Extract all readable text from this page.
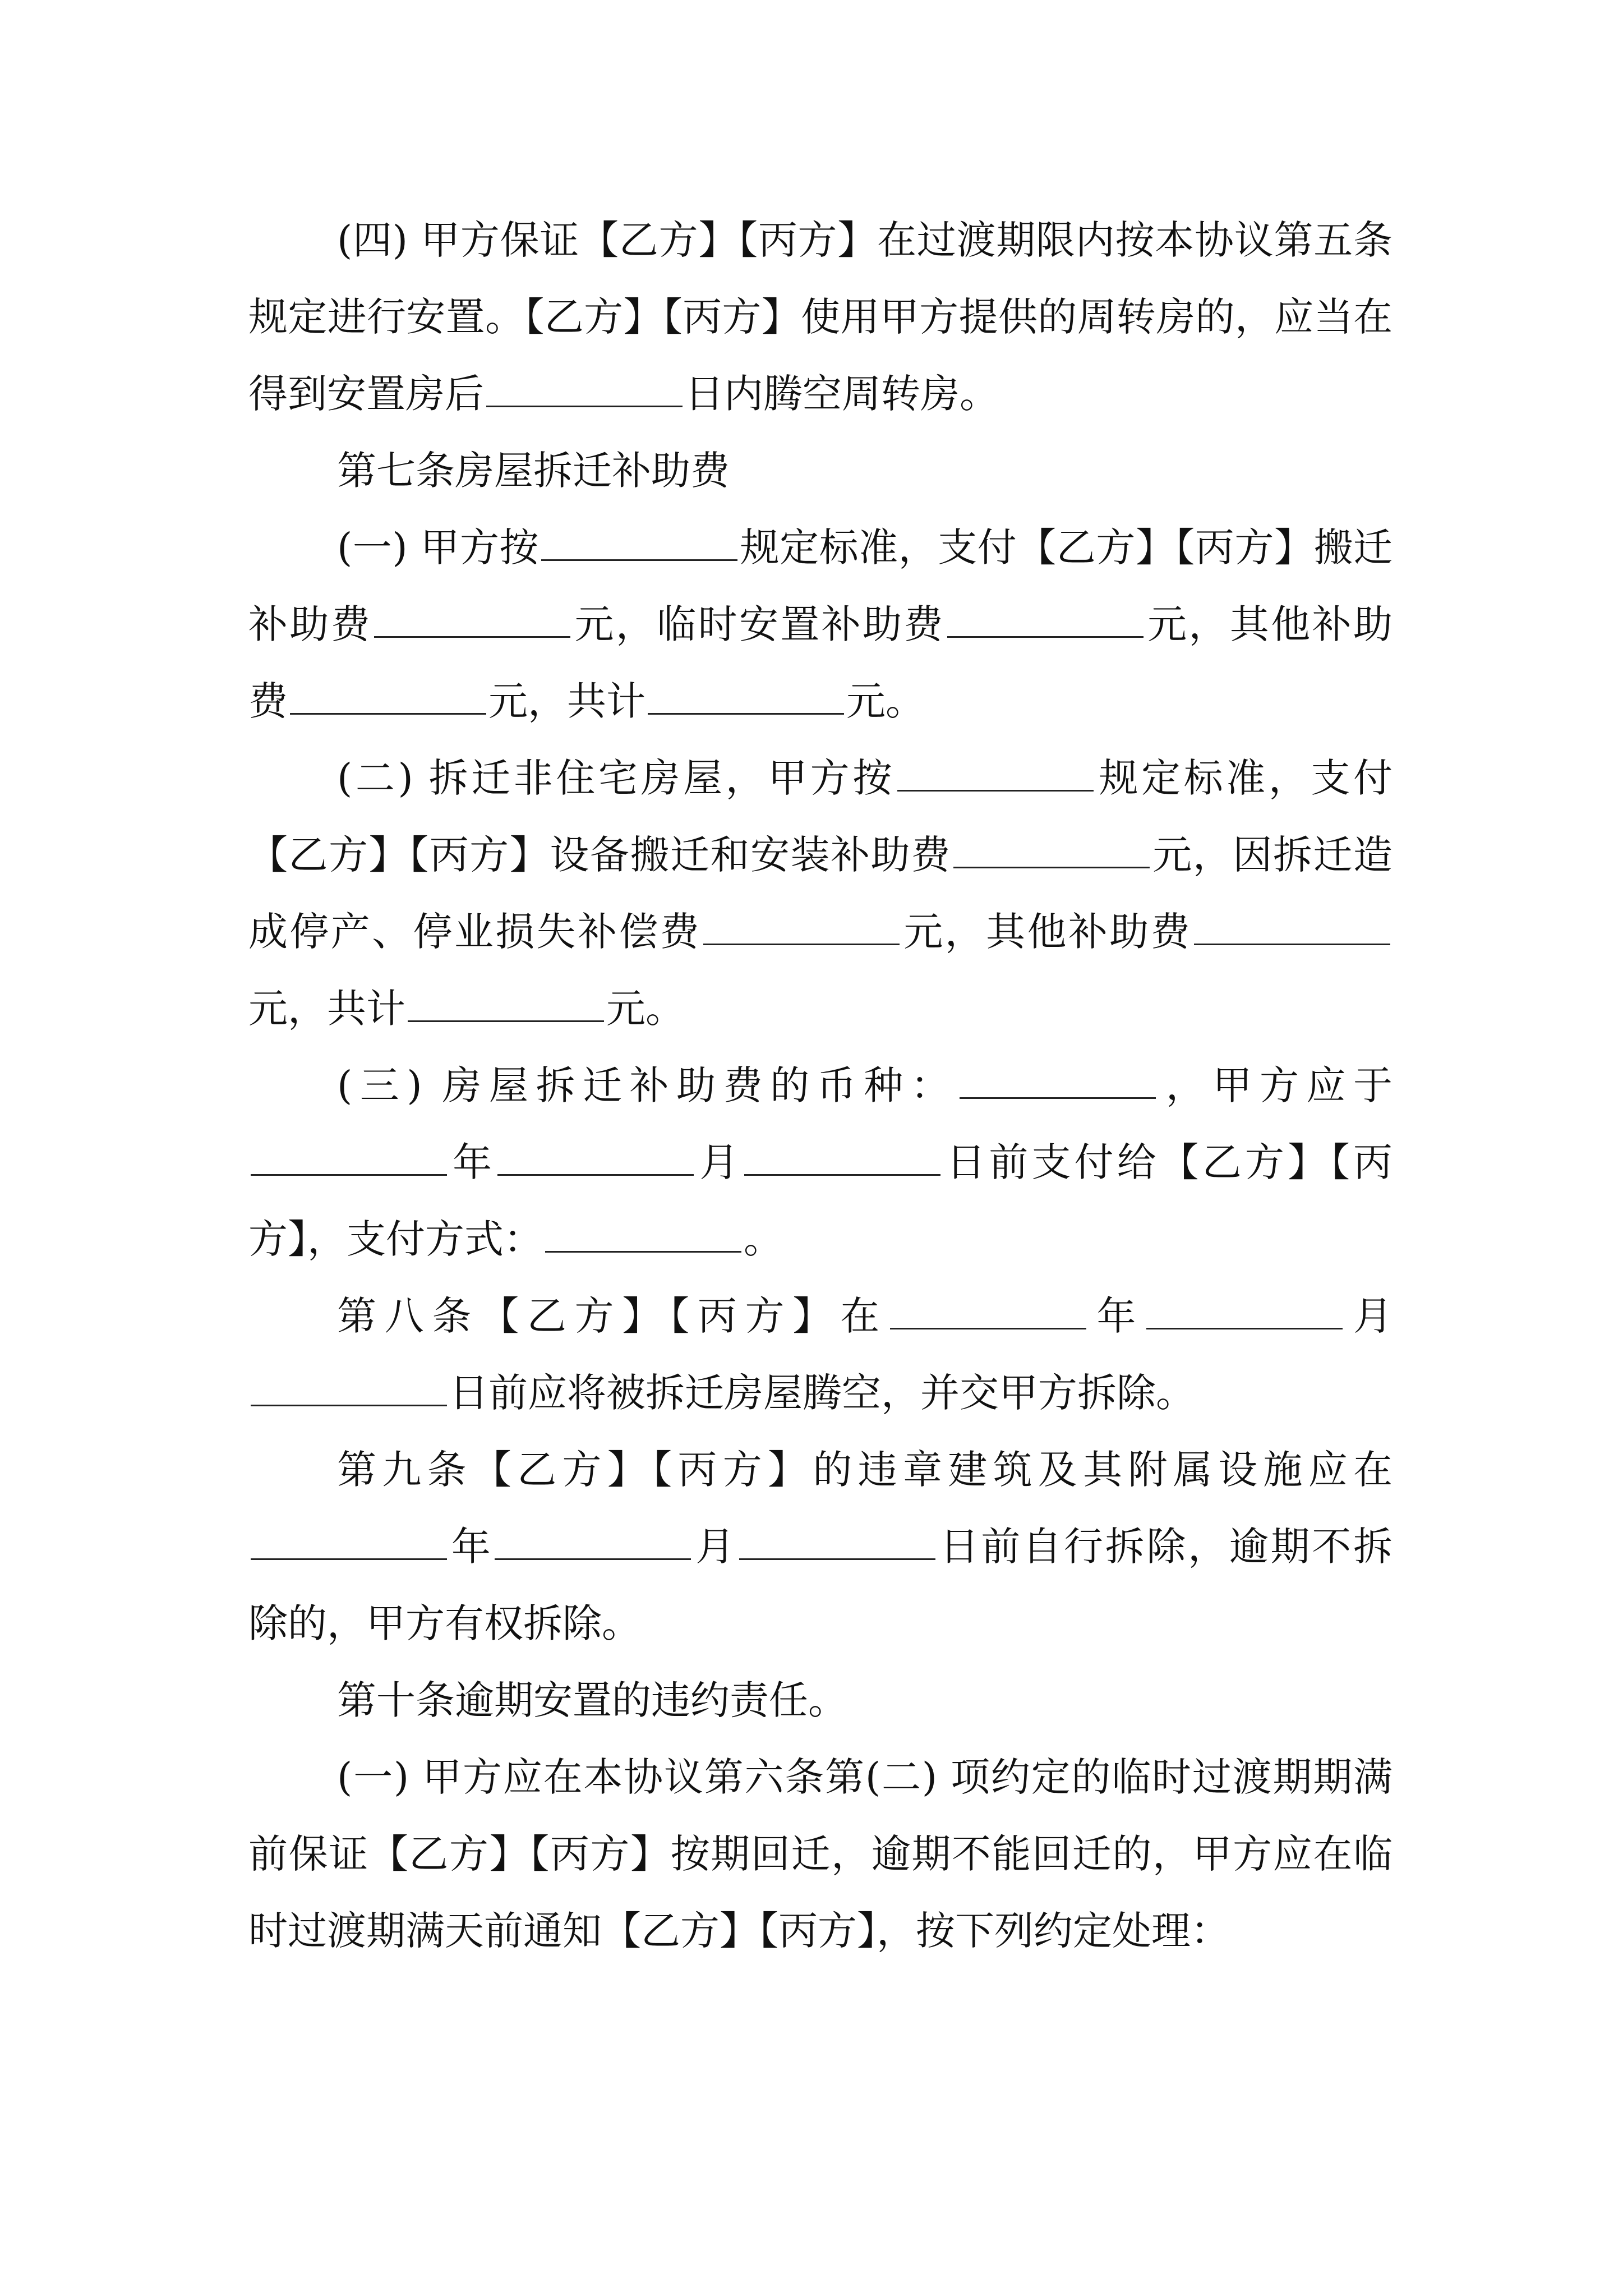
(四) 甲方保证【乙方】【丙方】在过渡期限内按本协议第五条规定进行安置。【乙方】【丙方】使用甲方提供的周转房的，应当在得到安置房后	日内腾空周转房。

第七条房屋拆迁补助费

(一) 甲方按	规定标准，支付【乙方】【丙方】搬迁补助费	元，临时安置补助费	元，其他补助费	元，共计	元。

(二) 拆迁非住宅房屋，甲方按	规定标准，支付【乙方】【丙方】设备搬迁和安装补助费	元，因拆迁造成停产、停业损失补偿费	元，其他补助费元，共计	元。

(三) 房屋拆迁补助费的币种：	，甲方应于年	月	日前支付给【乙方】【丙方】，支付方式：	。

第八条【乙方】【丙方】在	年	月日前应将被拆迁房屋腾空，并交甲方拆除。

第九条【乙方】【丙方】的违章建筑及其附属设施应在年	月	日前自行拆除，逾期不拆除的，甲方有权拆除。

第十条逾期安置的违约责任。

(一) 甲方应在本协议第六条第(二) 项约定的临时过渡期期满前保证【乙方】【丙方】按期回迁，逾期不能回迁的，甲方应在临时过渡期满天前通知【乙方】【丙方】，按下列约定处理：
